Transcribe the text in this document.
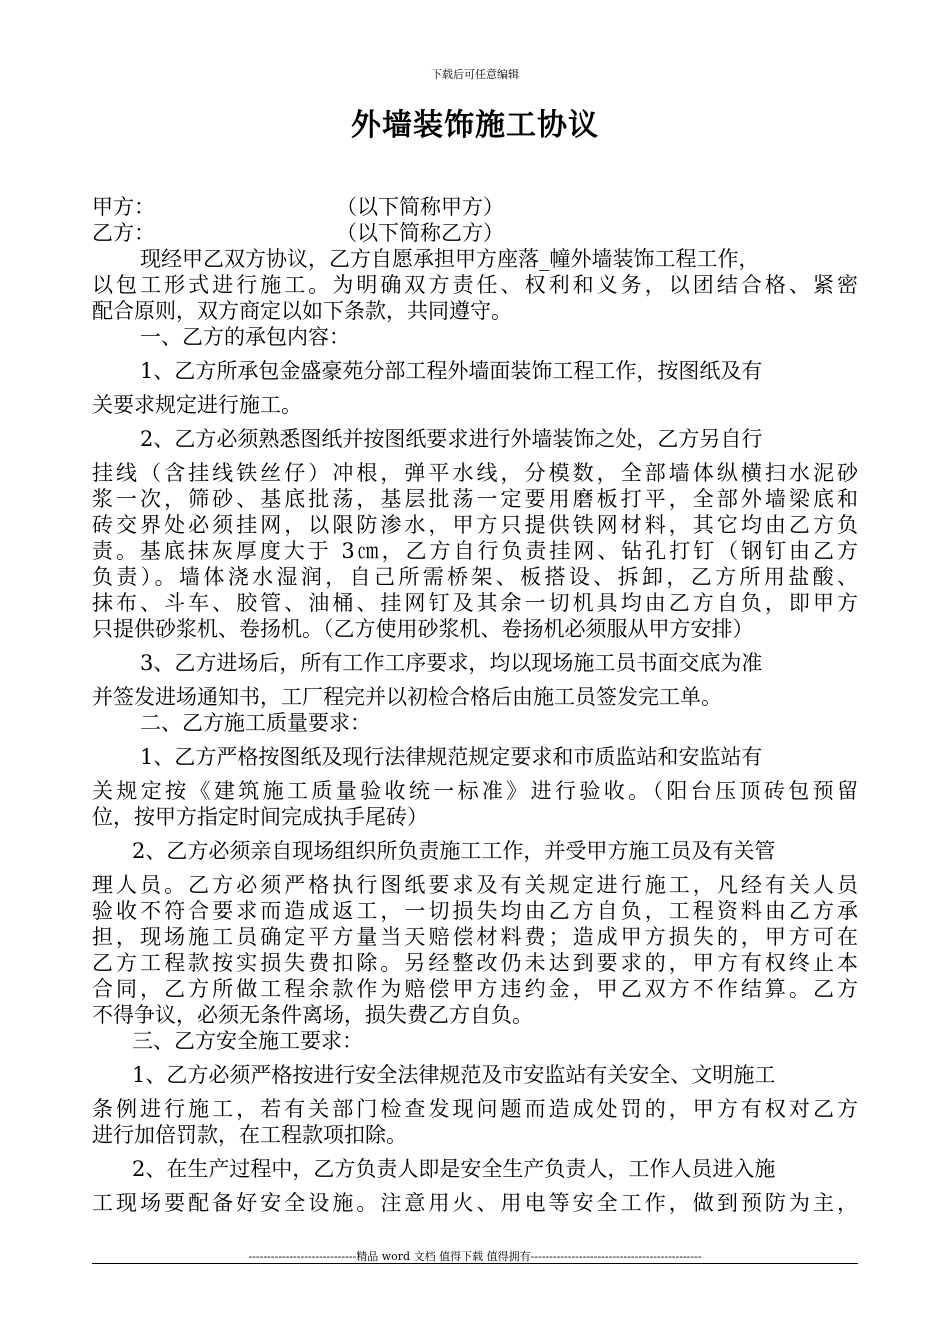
下载后可任意编辑
外墙装饰施工协议
甲方：	（以下简称甲方）
乙方：	（以下简称乙方）
现经甲乙双方协议，乙方自愿承担甲方座落_幢外墙装饰工程工作，
以包工形式进行施工。为明确双方责任、权利和义务，以团结合格、紧密
配合原则，双方商定以如下条款，共同遵守。
一、乙方的承包内容：
1、乙方所承包金盛豪苑分部工程外墙面装饰工程工作，按图纸及有
关要求规定进行施工。
2、乙方必须熟悉图纸并按图纸要求进行外墙装饰之处，乙方另自行
挂线（含挂线铁丝仔）冲根，弹平水线，分模数，全部墙体纵横扫水泥砂
浆一次，筛砂、基底批荡，基层批荡一定要用磨板打平，全部外墙梁底和
砖交界处必须挂网，以限防渗水，甲方只提供铁网材料，其它均由乙方负
责。基底抹灰厚度大于 3㎝，乙方自行负责挂网、钻孔打钉（钢钉由乙方
负责）。墙体浇水湿润，自己所需桥架、板搭设、拆卸，乙方所用盐酸、
抹布、斗车、胶管、油桶、挂网钉及其余一切机具均由乙方自负，即甲方
只提供砂浆机、卷扬机。（乙方使用砂浆机、卷扬机必须服从甲方安排）
3、乙方进场后，所有工作工序要求，均以现场施工员书面交底为准
并签发进场通知书，工厂程完并以初检合格后由施工员签发完工单。
二、乙方施工质量要求：
1、乙方严格按图纸及现行法律规范规定要求和市质监站和安监站有
关规定按《建筑施工质量验收统一标准》进行验收。（阳台压顶砖包预留
位，按甲方指定时间完成执手尾砖）
2、乙方必须亲自现场组织所负责施工工作，并受甲方施工员及有关管
理人员。乙方必须严格执行图纸要求及有关规定进行施工，凡经有关人员
验收不符合要求而造成返工，一切损失均由乙方自负，工程资料由乙方承
担，现场施工员确定平方量当天赔偿材料费；造成甲方损失的，甲方可在
乙方工程款按实损失费扣除。另经整改仍未达到要求的，甲方有权终止本
合同，乙方所做工程余款作为赔偿甲方违约金，甲乙双方不作结算。乙方
不得争议，必须无条件离场，损失费乙方自负。
三、乙方安全施工要求：
1、乙方必须严格按进行安全法律规范及市安监站有关安全、文明施工
条例进行施工，若有关部门检查发现问题而造成处罚的，甲方有权对乙方
进行加倍罚款，在工程款项扣除。
2、在生产过程中，乙方负责人即是安全生产负责人，工作人员进入施
工现场要配备好安全设施。注意用火、用电等安全工作，做到预防为主，
-----------------------------精品 word 文档 值得下载 值得拥有----------------------------------------------
